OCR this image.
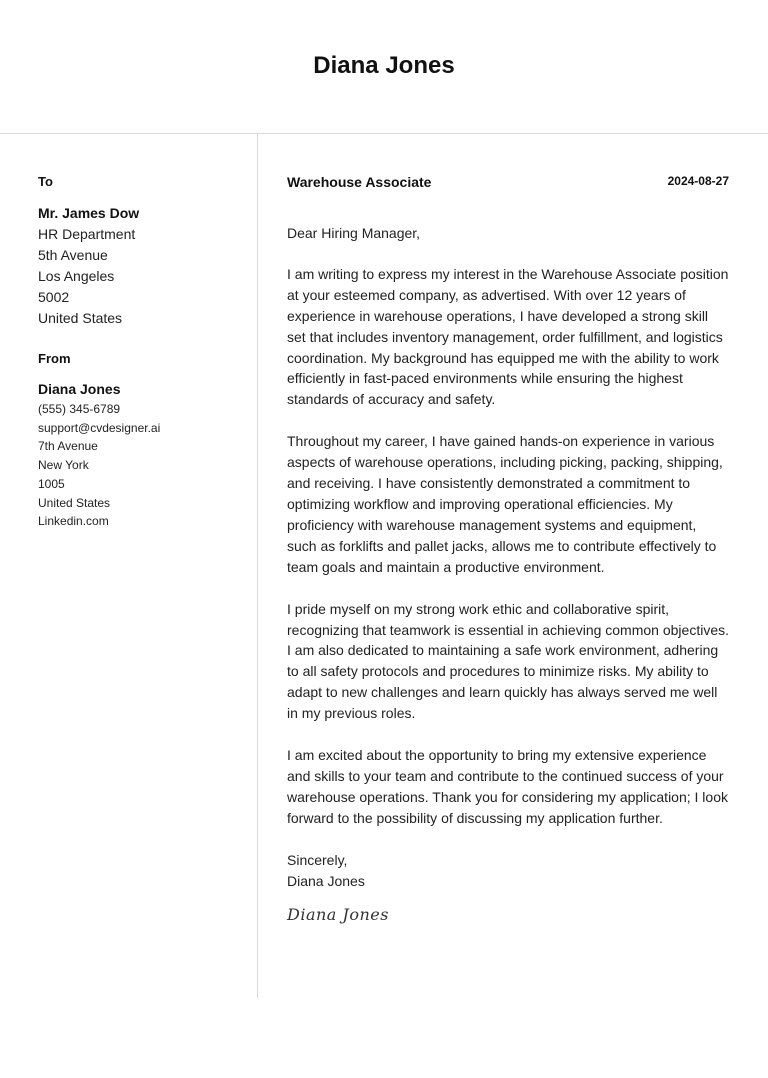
Diana Jones
To
Mr. James Dow
HR Department
5th Avenue
Los Angeles
5002
United States
From
Diana Jones
(555) 345-6789
support@cvdesigner.ai
7th Avenue
New York
1005
United States
Linkedin.com
Warehouse Associate	2024-08-27

Dear Hiring Manager,

I am writing to express my interest in the Warehouse Associate position at your esteemed company, as advertised. With over 12 years of experience in warehouse operations, I have developed a strong skill set that includes inventory management, order fulfillment, and logistics coordination. My background has equipped me with the ability to work efficiently in fast-paced environments while ensuring the highest standards of accuracy and safety.

Throughout my career, I have gained hands-on experience in various aspects of warehouse operations, including picking, packing, shipping, and receiving. I have consistently demonstrated a commitment to optimizing workflow and improving operational efficiencies. My proficiency with warehouse management systems and equipment, such as forklifts and pallet jacks, allows me to contribute effectively to team goals and maintain a productive environment.

I pride myself on my strong work ethic and collaborative spirit, recognizing that teamwork is essential in achieving common objectives. I am also dedicated to maintaining a safe work environment, adhering to all safety protocols and procedures to minimize risks. My ability to adapt to new challenges and learn quickly has always served me well in my previous roles.

I am excited about the opportunity to bring my extensive experience and skills to your team and contribute to the continued success of your warehouse operations. Thank you for considering my application; I look forward to the possibility of discussing my application further.

Sincerely,

Diana Jones

Diana Jones
